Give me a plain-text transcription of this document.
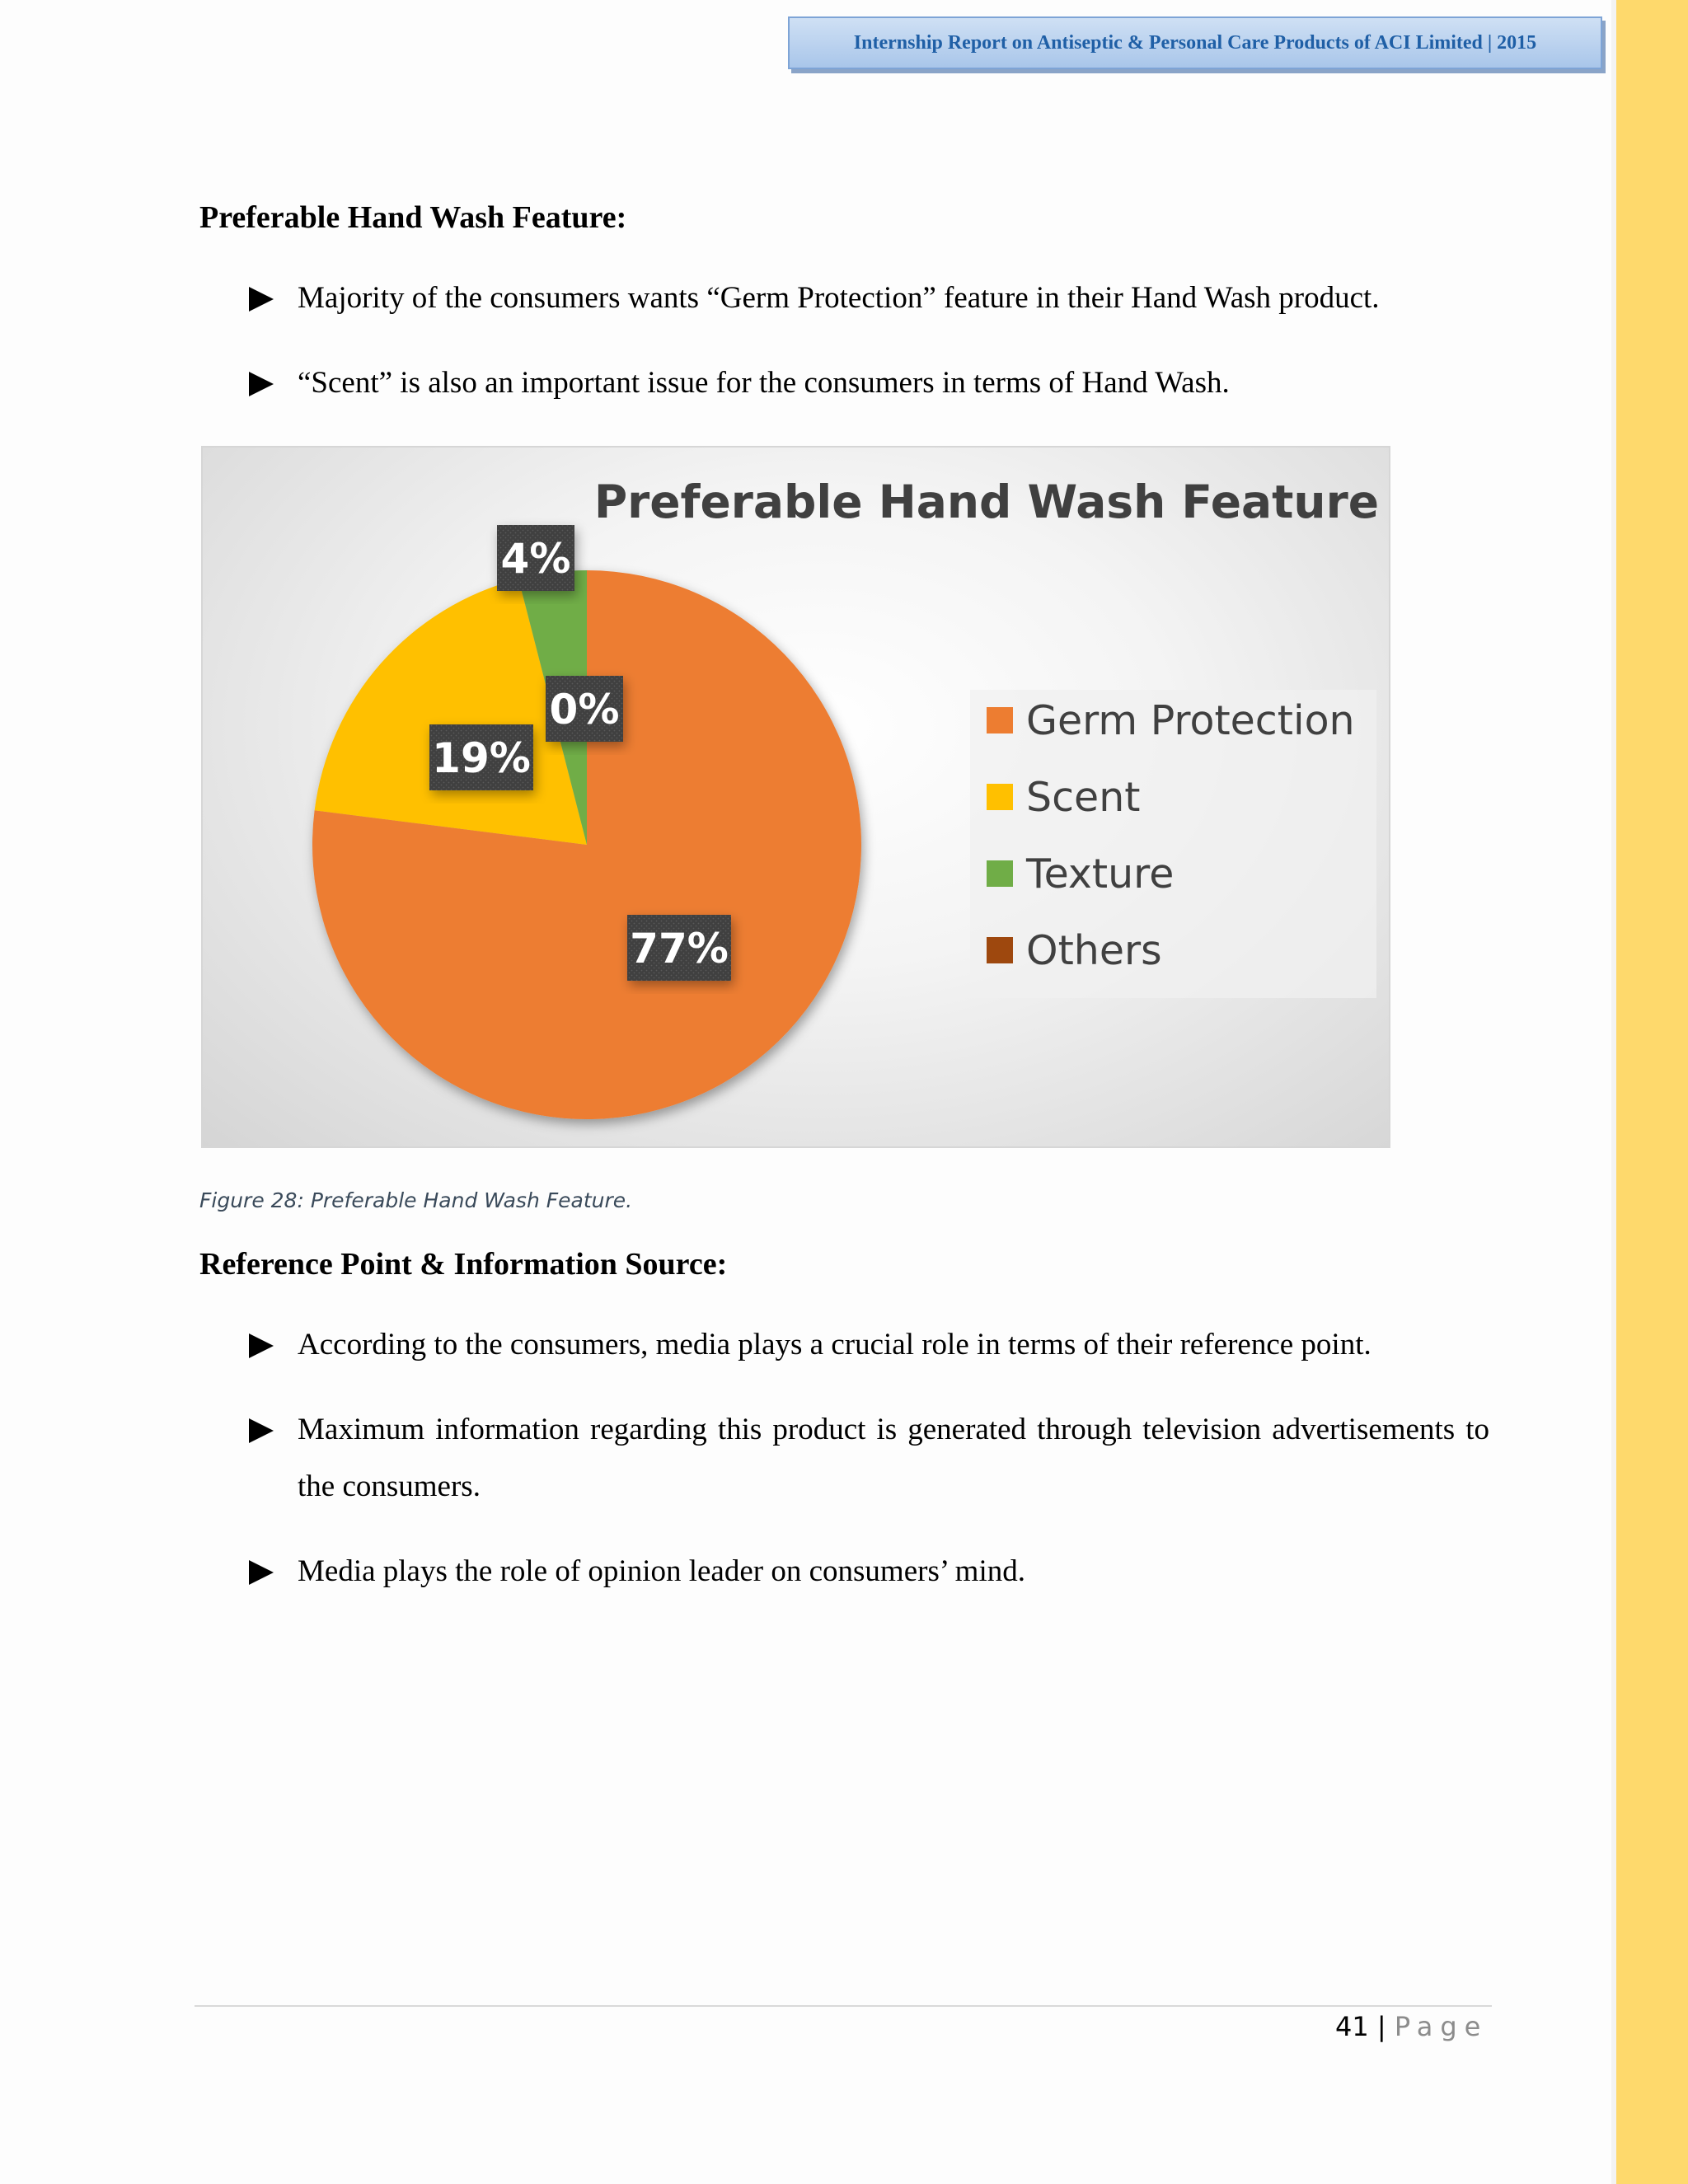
Internship Report on Antiseptic & Personal Care Products of ACI Limited | 2015
Preferable Hand Wash Feature:
Majority of the consumers wants “Germ Protection” feature in their Hand Wash product.
“Scent” is also an important issue for the consumers in terms of Hand Wash.
77%
19%
4%
0%
Preferable Hand Wash Feature
Germ Protection
Scent
Texture
Others
Figure 28: Preferable Hand Wash Feature.
Reference Point & Information Source:
According to the consumers, media plays a crucial role in terms of their reference point.
Maximum information regarding this product is generated through television advertisements to the consumers.
Media plays the role of opinion leader on consumers’ mind.
41 | Page
